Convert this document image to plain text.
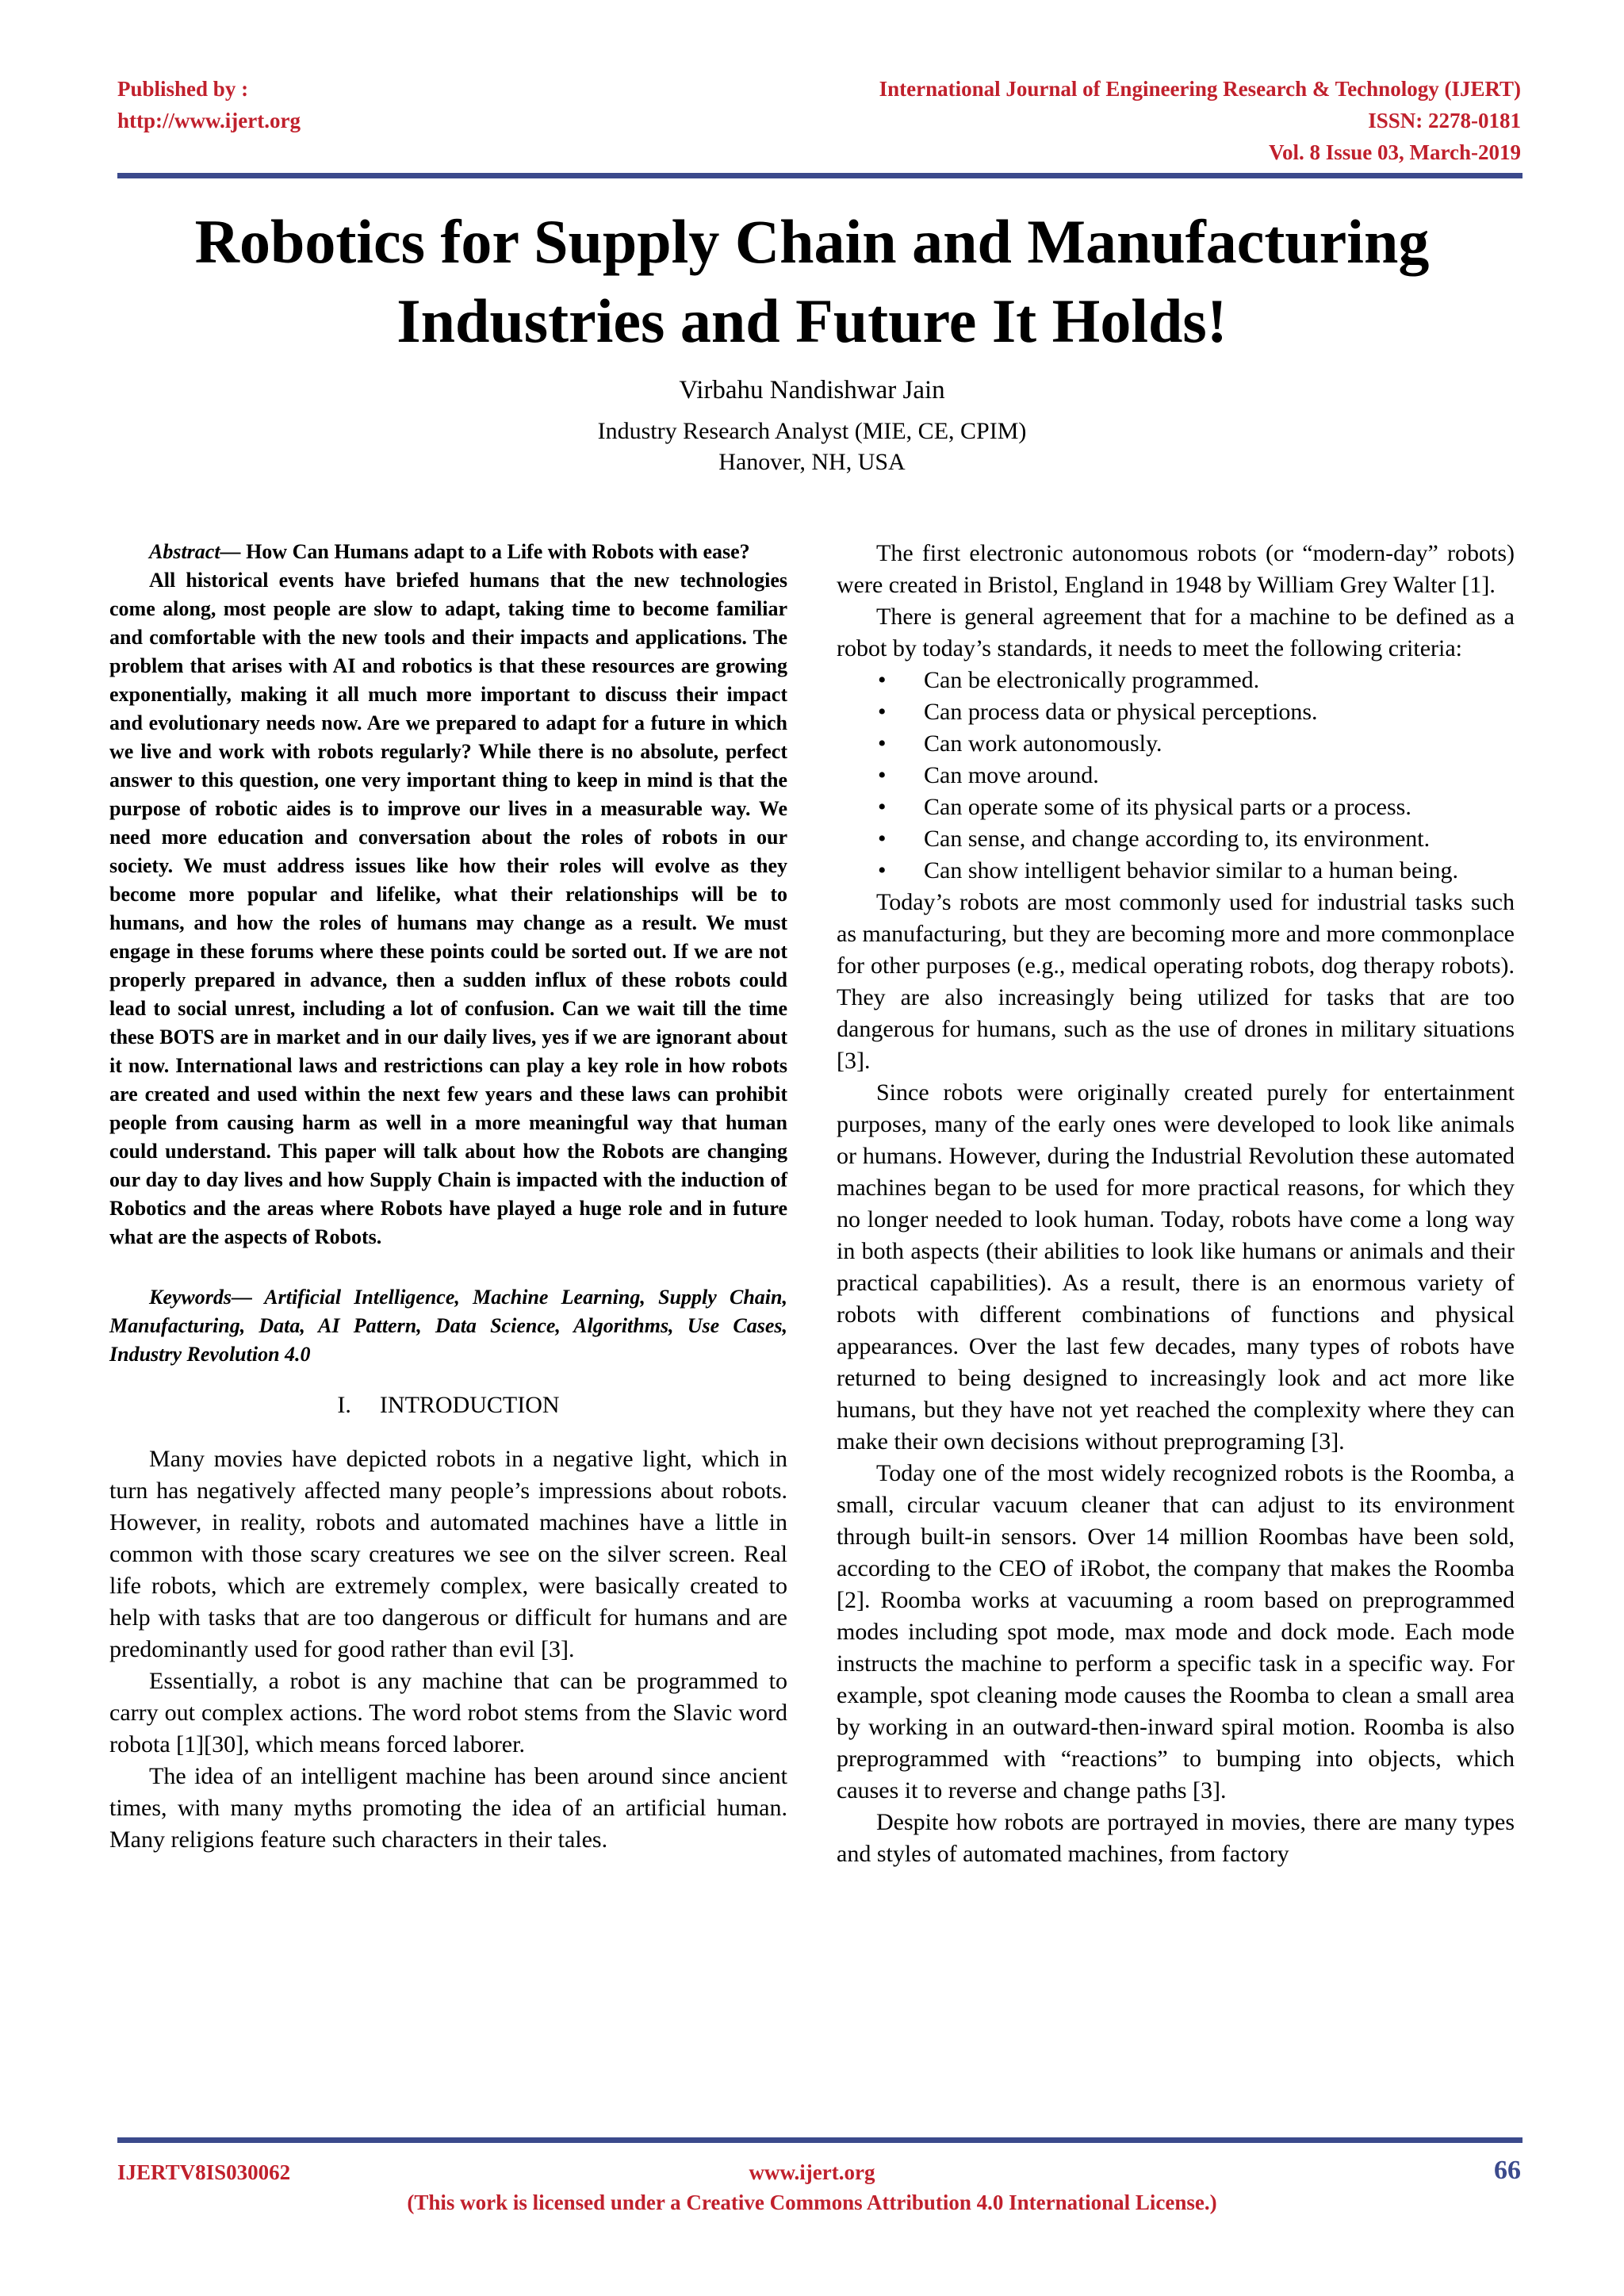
Published by :
http://www.ijert.org
International Journal of Engineering Research & Technology (IJERT)
ISSN: 2278-0181
Vol. 8 Issue 03, March-2019
Robotics for Supply Chain and Manufacturing
Industries and Future It Holds!
Virbahu Nandishwar Jain
Industry Research Analyst (MIE, CE, CPIM)
Hanover, NH, USA

Abstract— How Can Humans adapt to a Life with Robots with ease?

All historical events have briefed humans that the new technologies come along, most people are slow to adapt, taking time to become familiar and comfortable with the new tools and their impacts and applications. The problem that arises with AI and robotics is that these resources are growing exponentially, making it all much more important to discuss their impact and evolutionary needs now. Are we prepared to adapt for a future in which we live and work with robots regularly? While there is no absolute, perfect answer to this question, one very important thing to keep in mind is that the purpose of robotic aides is to improve our lives in a measurable way. We need more education and conversation about the roles of robots in our society. We must address issues like how their roles will evolve as they become more popular and lifelike, what their relationships will be to humans, and how the roles of humans may change as a result. We must engage in these forums where these points could be sorted out. If we are not properly prepared in advance, then a sudden influx of these robots could lead to social unrest, including a lot of confusion. Can we wait till the time these BOTS are in market and in our daily lives, yes if we are ignorant about it now. International laws and restrictions can play a key role in how robots are created and used within the next few years and these laws can prohibit people from causing harm as well in a more meaningful way that human could understand. This paper will talk about how the Robots are changing our day to day lives and how Supply Chain is impacted with the induction of Robotics and the areas where Robots have played a huge role and in future what are the aspects of Robots.

Keywords— Artificial Intelligence, Machine Learning, Supply Chain, Manufacturing, Data, AI Pattern, Data Science, Algorithms, Use Cases, Industry Revolution 4.0

I. INTRODUCTION

Many movies have depicted robots in a negative light, which in turn has negatively affected many people’s impressions about robots. However, in reality, robots and automated machines have a little in common with those scary creatures we see on the silver screen. Real life robots, which are extremely complex, were basically created to help with tasks that are too dangerous or difficult for humans and are predominantly used for good rather than evil [3].

Essentially, a robot is any machine that can be programmed to carry out complex actions. The word robot stems from the Slavic word robota [1][30], which means forced laborer.

The idea of an intelligent machine has been around since ancient times, with many myths promoting the idea of an artificial human. Many religions feature such characters in their tales.

The first electronic autonomous robots (or “modern-day” robots) were created in Bristol, England in 1948 by William Grey Walter [1].

There is general agreement that for a machine to be defined as a robot by today’s standards, it needs to meet the following criteria:

• Can be electronically programmed.
• Can process data or physical perceptions.
• Can work autonomously.
• Can move around.
• Can operate some of its physical parts or a process.
• Can sense, and change according to, its environment.
• Can show intelligent behavior similar to a human being.

Today’s robots are most commonly used for industrial tasks such as manufacturing, but they are becoming more and more commonplace for other purposes (e.g., medical operating robots, dog therapy robots). They are also increasingly being utilized for tasks that are too dangerous for humans, such as the use of drones in military situations [3].

Since robots were originally created purely for entertainment purposes, many of the early ones were developed to look like animals or humans. However, during the Industrial Revolution these automated machines began to be used for more practical reasons, for which they no longer needed to look human. Today, robots have come a long way in both aspects (their abilities to look like humans or animals and their practical capabilities). As a result, there is an enormous variety of robots with different combinations of functions and physical appearances. Over the last few decades, many types of robots have returned to being designed to increasingly look and act more like humans, but they have not yet reached the complexity where they can make their own decisions without preprograming [3].

Today one of the most widely recognized robots is the Roomba, a small, circular vacuum cleaner that can adjust to its environment through built-in sensors. Over 14 million Roombas have been sold, according to the CEO of iRobot, the company that makes the Roomba [2]. Roomba works at vacuuming a room based on preprogrammed modes including spot mode, max mode and dock mode. Each mode instructs the machine to perform a specific task in a specific way. For example, spot cleaning mode causes the Roomba to clean a small area by working in an outward-then-inward spiral motion. Roomba is also preprogrammed with “reactions” to bumping into objects, which causes it to reverse and change paths [3].

Despite how robots are portrayed in movies, there are many types and styles of automated machines, from factory

IJERTV8IS030062	www.ijert.org	66
(This work is licensed under a Creative Commons Attribution 4.0 International License.)
